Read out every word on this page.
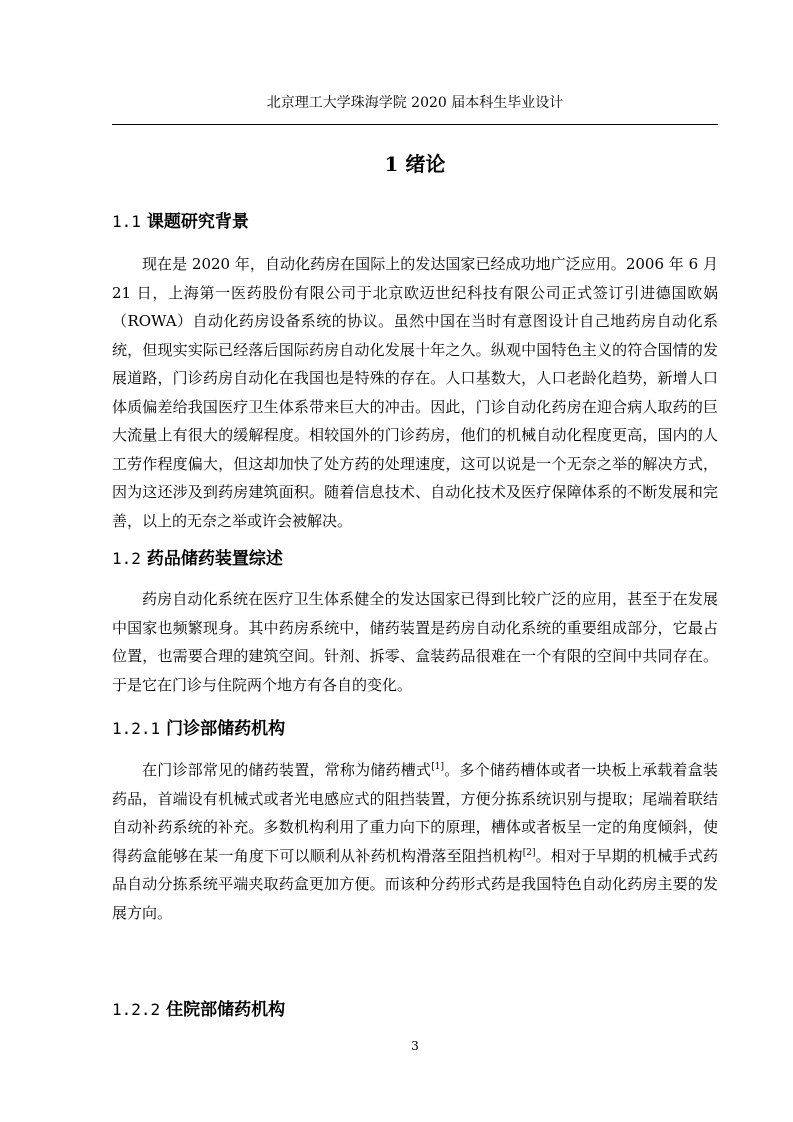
北京理工大学珠海学院 2020 届本科生毕业设计
1 绪论
1.1 课题研究背景
现在是 2020 年，自动化药房在国际上的发达国家已经成功地广泛应用。2006 年 6 月 21 日，上海第一医药股份有限公司于北京欧迈世纪科技有限公司正式签订引进德国欧娲（ROWA）自动化药房设备系统的协议。虽然中国在当时有意图设计自己地药房自动化系统，但现实实际已经落后国际药房自动化发展十年之久。纵观中国特色主义的符合国情的发展道路，门诊药房自动化在我国也是特殊的存在。人口基数大，人口老龄化趋势，新增人口体质偏差给我国医疗卫生体系带来巨大的冲击。因此，门诊自动化药房在迎合病人取药的巨大流量上有很大的缓解程度。相较国外的门诊药房，他们的机械自动化程度更高，国内的人工劳作程度偏大，但这却加快了处方药的处理速度，这可以说是一个无奈之举的解决方式，因为这还涉及到药房建筑面积。随着信息技术、自动化技术及医疗保障体系的不断发展和完善，以上的无奈之举或许会被解决。
1.2 药品储药装置综述
药房自动化系统在医疗卫生体系健全的发达国家已得到比较广泛的应用，甚至于在发展中国家也频繁现身。其中药房系统中，储药装置是药房自动化系统的重要组成部分，它最占位置，也需要合理的建筑空间。针剂、拆零、盒装药品很难在一个有限的空间中共同存在。于是它在门诊与住院两个地方有各自的变化。
1.2.1 门诊部储药机构
在门诊部常见的储药装置，常称为储药槽式[1]。多个储药槽体或者一块板上承载着盒装药品，首端设有机械式或者光电感应式的阻挡装置，方便分拣系统识别与提取；尾端着联结自动补药系统的补充。多数机构利用了重力向下的原理，槽体或者板呈一定的角度倾斜，使得药盒能够在某一角度下可以顺利从补药机构滑落至阻挡机构[2]。相对于早期的机械手式药品自动分拣系统平端夹取药盒更加方便。而该种分药形式药是我国特色自动化药房主要的发展方向。
1.2.2 住院部储药机构
3
